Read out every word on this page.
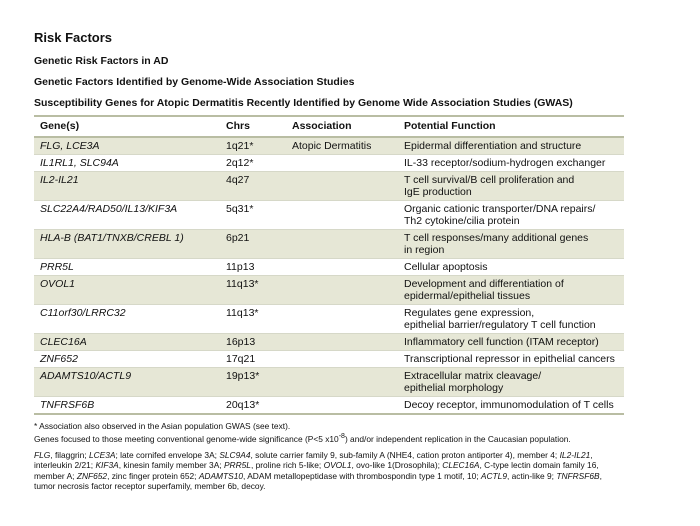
Risk Factors
Genetic Risk Factors in AD
Genetic Factors Identified by Genome-Wide Association Studies
Susceptibility Genes for Atopic Dermatitis Recently Identified by Genome Wide Association Studies (GWAS)
Gene(s)	Chrs	Association	Potential Function
FLG, LCE3A	1q21*	Atopic Dermatitis	Epidermal differentiation and structure

IL1RL1, SLC94A	2q12*		IL-33 receptor/sodium-hydrogen exchanger

IL2-IL21	4q27		T cell survival/B cell proliferation and
IgE production

SLC22A4/RAD50/IL13/KIF3A	5q31*		Organic cationic transporter/DNA repairs/
Th2 cytokine/cilia protein

HLA-B (BAT1/TNXB/CREBL 1)	6p21		T cell responses/many additional genes
in region

PRR5L	11p13		Cellular apoptosis

OVOL1	11q13*		Development and differentiation of
epidermal/epithelial tissues

C11orf30/LRRC32	11q13*		Regulates gene expression,
epithelial barrier/regulatory T cell function

CLEC16A	16p13		Inflammatory cell function (ITAM receptor)

ZNF652	17q21		Transcriptional repressor in epithelial cancers

ADAMTS10/ACTL9	19p13*		Extracellular matrix cleavage/
epithelial morphology

TNFRSF6B	20q13*		Decoy receptor, immunomodulation of T cells

* Association also observed in the Asian population GWAS (see text).

Genes focused to those meeting conventional genome-wide significance (P<5 $x10^{-8}$) and/or independent replication in the Caucasian population.

FLG, filaggrin; LCE3A; late cornifed envelope 3A; SLC9A4, solute carrier family 9, sub-family A (NHE4, cation proton antiporter 4), member 4; IL2-IL21, interleukin 2/21; KIF3A, kinesin family member 3A; PRR5L, proline rich 5-like; OVOL1, ovo-like 1(Drosophila); CLEC16A, C-type lectin domain family 16, member A; ZNF652, zinc finger protein 652; ADAMTS10, ADAM metallopeptidase with thrombospondin type 1 motif, 10; ACTL9, actin-like 9; TNFRSF6B, tumor necrosis factor receptor superfamily, member 6b, decoy.
